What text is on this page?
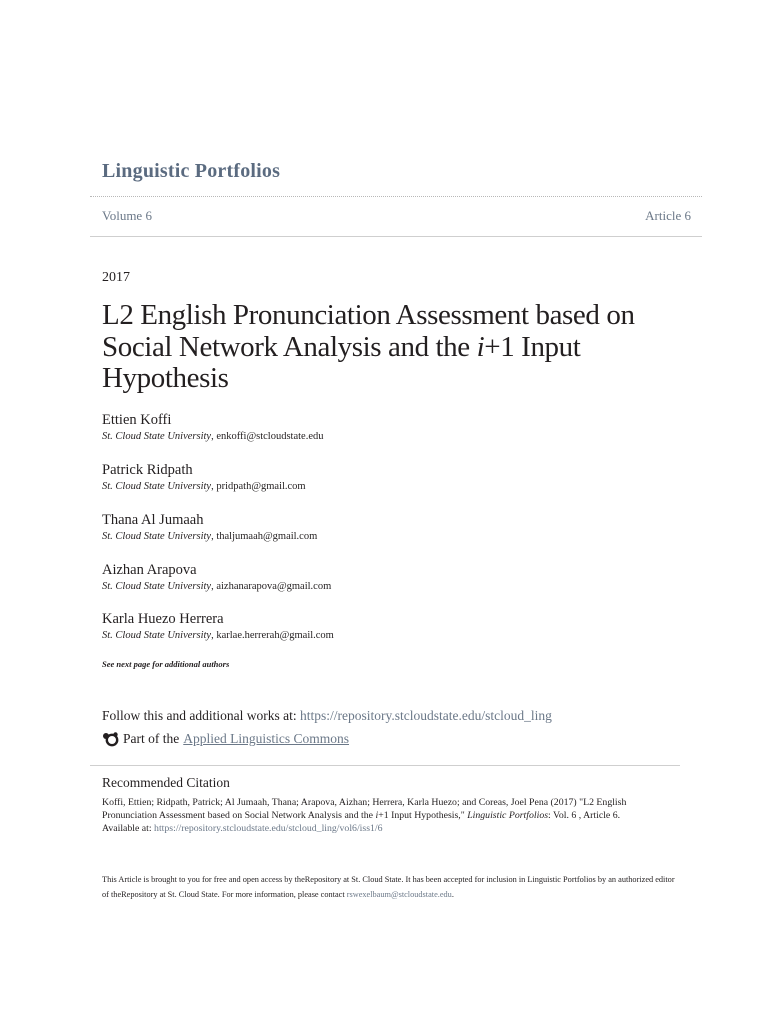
Linguistic Portfolios
Volume 6	Article 6
2017
L2 English Pronunciation Assessment based on
Social Network Analysis and the i+1 Input
Hypothesis
Ettien Koffi
St. Cloud State University, enkoffi@stcloudstate.edu
Patrick Ridpath
St. Cloud State University, pridpath@gmail.com
Thana Al Jumaah
St. Cloud State University, thaljumaah@gmail.com
Aizhan Arapova
St. Cloud State University, aizhanarapova@gmail.com
Karla Huezo Herrera
St. Cloud State University, karlae.herrerah@gmail.com
See next page for additional authors
Follow this and additional works at: https://repository.stcloudstate.edu/stcloud_ling
Part of the Applied Linguistics Commons
Recommended Citation
Koffi, Ettien; Ridpath, Patrick; Al Jumaah, Thana; Arapova, Aizhan; Herrera, Karla Huezo; and Coreas, Joel Pena (2017) "L2 English Pronunciation Assessment based on Social Network Analysis and the i+1 Input Hypothesis," Linguistic Portfolios: Vol. 6 , Article 6.
Available at: https://repository.stcloudstate.edu/stcloud_ling/vol6/iss1/6
This Article is brought to you for free and open access by theRepository at St. Cloud State. It has been accepted for inclusion in Linguistic Portfolios by an authorized editor of theRepository at St. Cloud State. For more information, please contact rswexelbaum@stcloudstate.edu.
